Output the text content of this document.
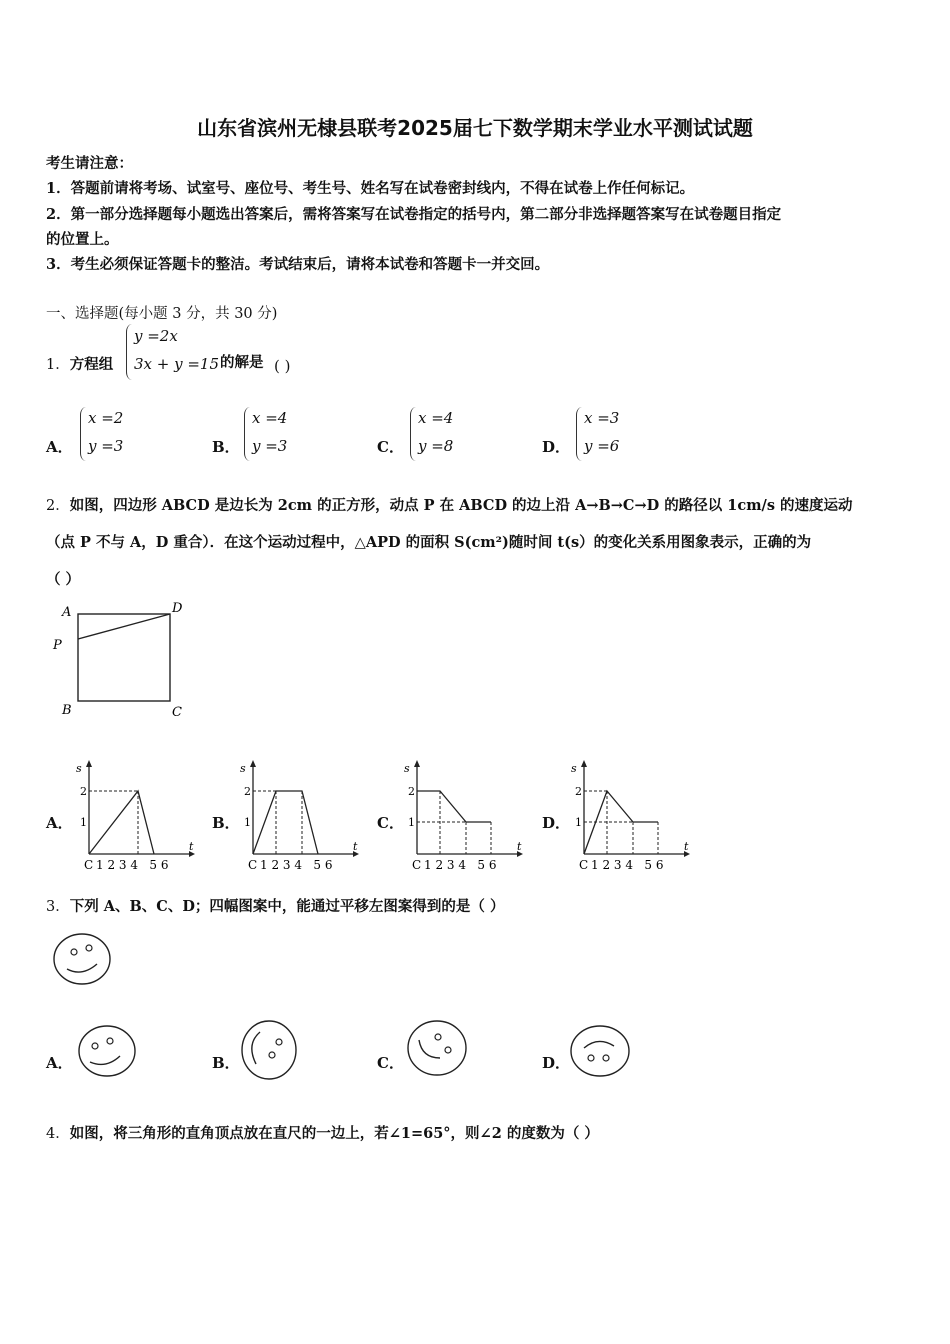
山东省滨州无棣县联考2025届七下数学期末学业水平测试试题
考生请注意：
1．答题前请将考场、试室号、座位号、考生号、姓名写在试卷密封线内，不得在试卷上作任何标记。
2．第一部分选择题每小题选出答案后，需将答案写在试卷指定的括号内，第二部分非选择题答案写在试卷题目指定
的位置上。
3．考生必须保证答题卡的整洁。考试结束后，请将本试卷和答题卡一并交回。
一、选择题(每小题 3 分，共 30 分)
1．方程组
y =2x
3x + y =15 的解是 ( )
A．
x =2
y =3	B．
x =4
y =3	C．
x =4
y =8	D．
x =3
y =6
2．如图，四边形 ABCD 是边长为 2cm 的正方形，动点 P 在 ABCD 的边上沿 A→B→C→D 的路径以 1cm/s 的速度运动
（点 P 不与 A，D 重合）．在这个运动过程中，△APD 的面积 S(cm²)随时间 t(s）的变化关系用图象表示，正确的为
（ ）
A	D
P
B	C
A．	B．	C．	D．
s
t
2
1
C 1 2 3 4   5 6
s
t
2
1
C 1 2 3 4   5 6
s
t
2
1
C 1 2 3 4   5 6
s
t
2
1
C 1 2 3 4   5 6
3．下列 A、B、C、D；四幅图案中，能通过平移左图案得到的是（ ）
A．	B．	C．	D．
4．如图，将三角形的直角顶点放在直尺的一边上，若∠1=65°，则∠2 的度数为（ ）
